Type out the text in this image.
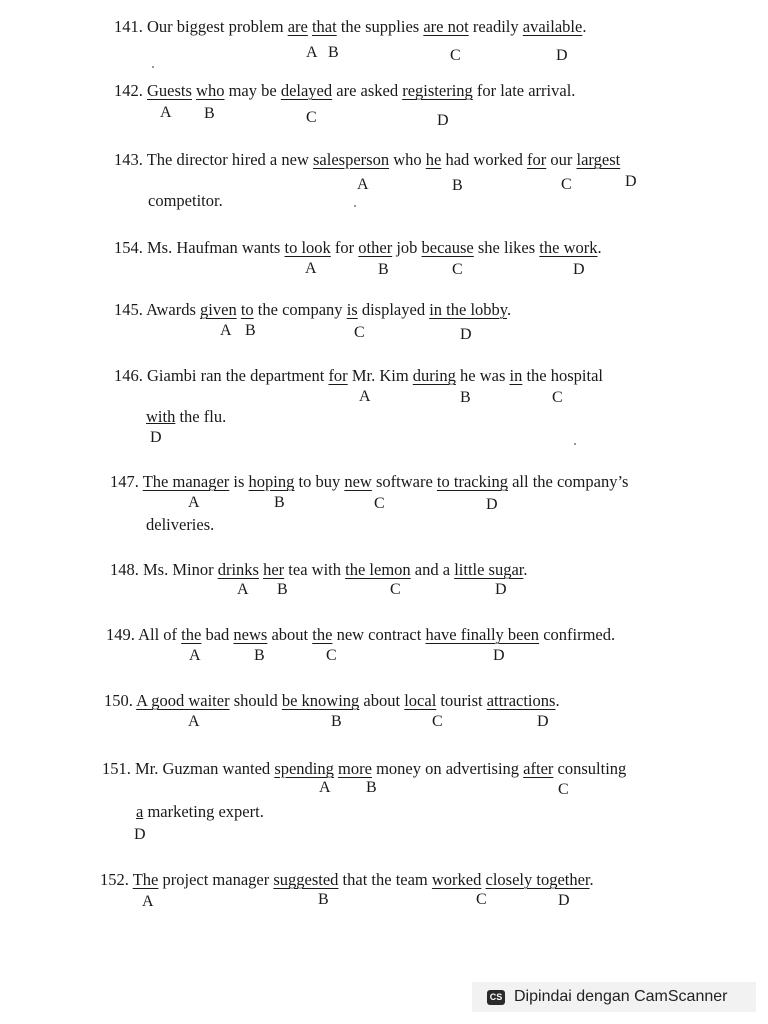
141. Our biggest problem are that the supplies are not readily available.
A B	C	D
142. Guests who may be delayed are asked registering for late arrival.
A B	C	D
143. The director hired a new salesperson who he had worked for our largest
competitor.
A	B	C	D
154. Ms. Haufman wants to look for other job because she likes the work.
A	B	C	D
145. Awards given to the company is displayed in the lobby.
A B	C	D
146. Giambi ran the department for Mr. Kim during he was in the hospital
with the flu.
A	B	C
D
147. The manager is hoping to buy new software to tracking all the company’s
deliveries.
A	B	C	D
148. Ms. Minor drinks her tea with the lemon and a little sugar.
A B	C	D
149. All of the bad news about the new contract have finally been confirmed.
A	B	C	D
150. A good waiter should be knowing about local tourist attractions.
A	B	C	D
151. Mr. Guzman wanted spending more money on advertising after consulting
a marketing expert.
A B	C
D
152. The project manager suggested that the team worked closely together.
A	B	C	D
CS Dipindai dengan CamScanner
